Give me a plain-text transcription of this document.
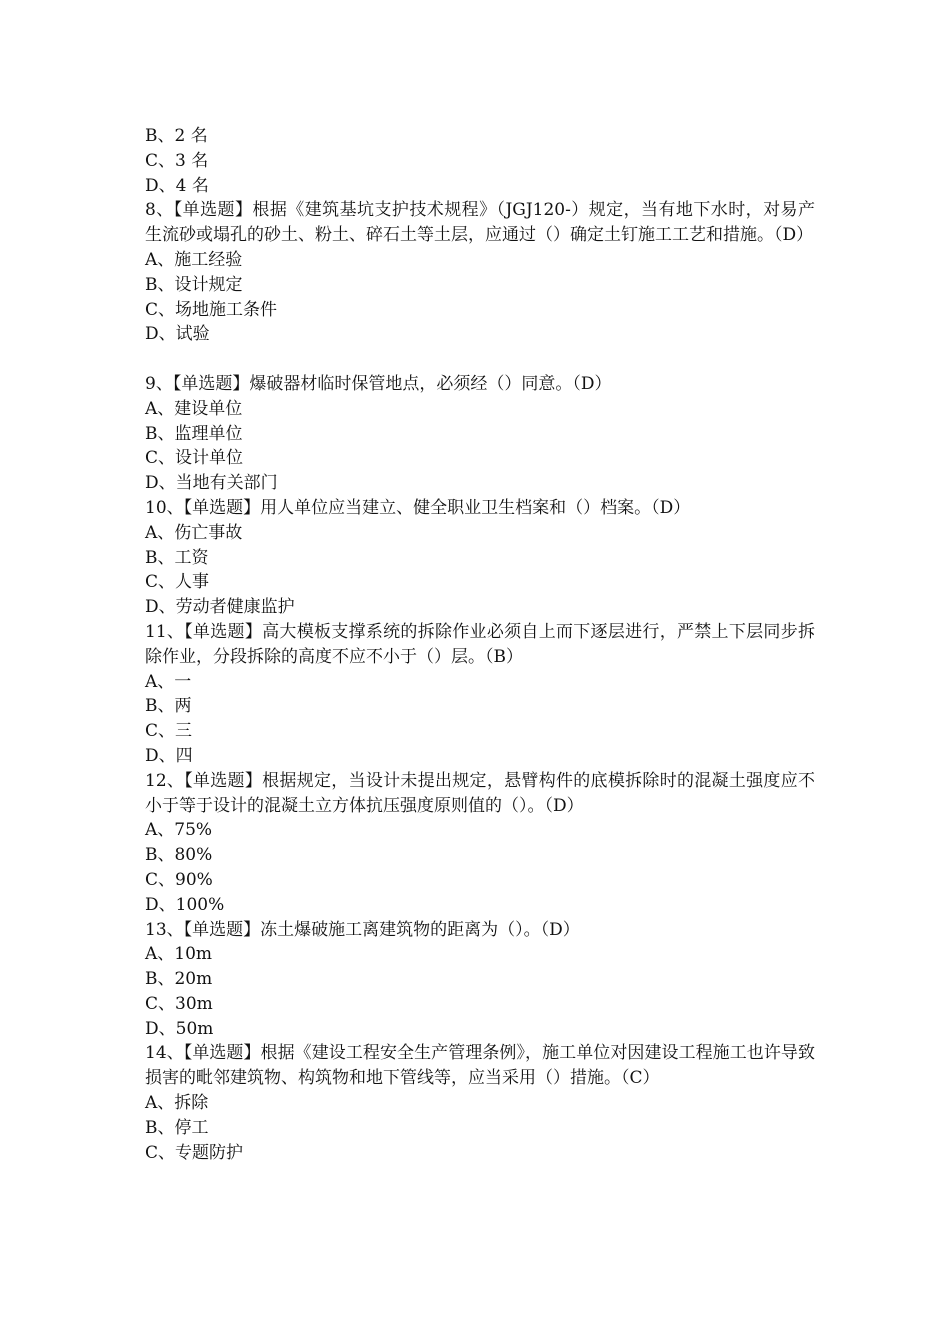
B、2 名

C、3 名

D、4 名

8、【单选题】根据《建筑基坑支护技术规程》（JGJ120-）规定，当有地下水时，对易产生流砂或塌孔的砂土、粉土、碎石土等土层，应通过（）确定土钉施工工艺和措施。（D）

A、施工经验

B、设计规定

C、场地施工条件

D、试验

9、【单选题】爆破器材临时保管地点，必须经（）同意。（D）

A、建设单位

B、监理单位

C、设计单位

D、当地有关部门

10、【单选题】用人单位应当建立、健全职业卫生档案和（）档案。（D）

A、伤亡事故

B、工资

C、人事

D、劳动者健康监护

11、【单选题】高大模板支撑系统的拆除作业必须自上而下逐层进行，严禁上下层同步拆除作业，分段拆除的高度不应不小于（）层。（B）

A、一

B、两

C、三

D、四

12、【单选题】根据规定，当设计未提出规定，悬臂构件的底模拆除时的混凝土强度应不小于等于设计的混凝土立方体抗压强度原则值的（）。（D）

A、75%

B、80%

C、90%

D、100%

13、【单选题】冻土爆破施工离建筑物的距离为（）。（D）

A、10m

B、20m

C、30m

D、50m

14、【单选题】根据《建设工程安全生产管理条例》，施工单位对因建设工程施工也许导致损害的毗邻建筑物、构筑物和地下管线等，应当采用（）措施。（C）

A、拆除

B、停工

C、专题防护
